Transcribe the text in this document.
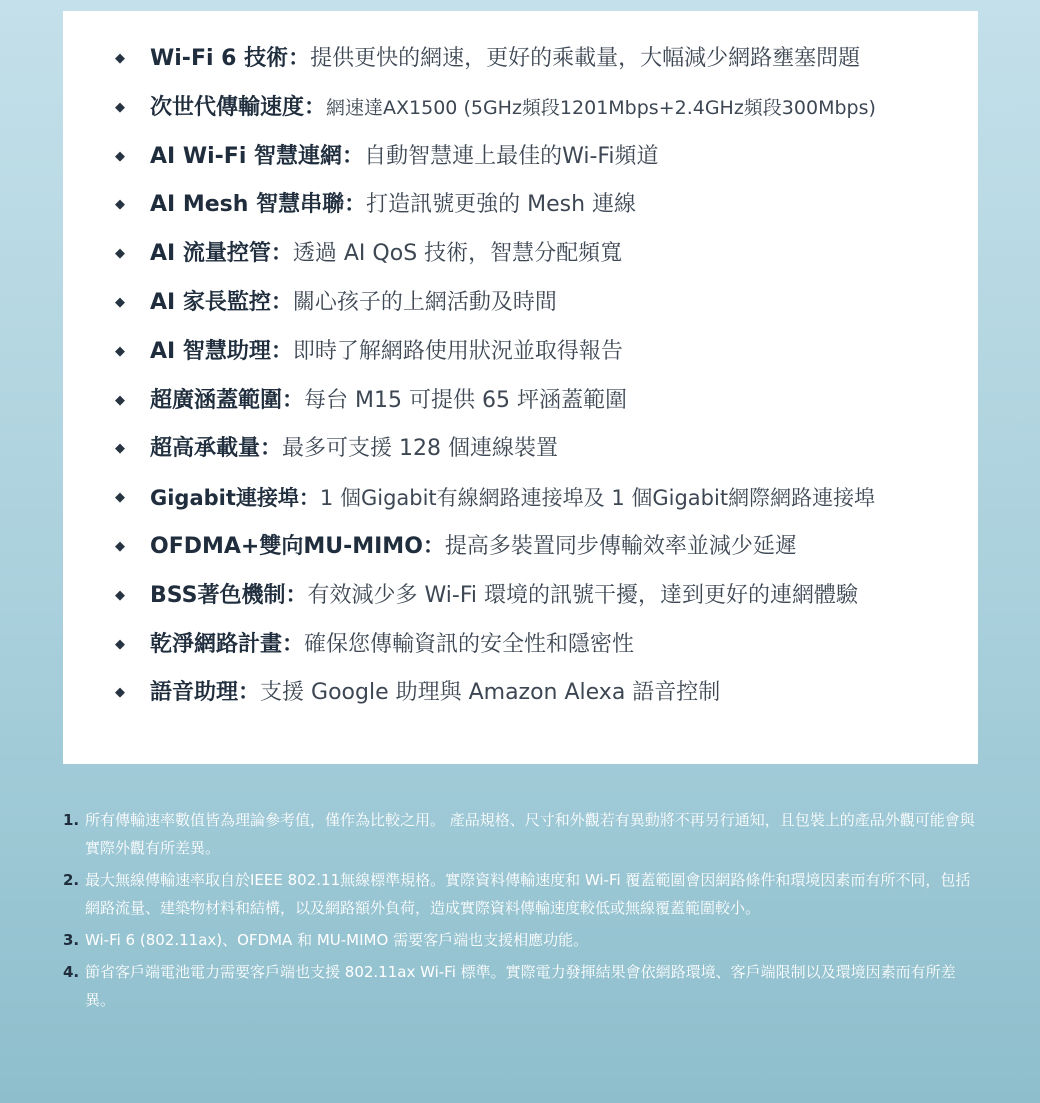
◆ Wi-Fi 6 技術：提供更快的網速，更好的乘載量，大幅減少網路壅塞問題
◆ 次世代傳輸速度：網速達AX1500 (5GHz頻段1201Mbps+2.4GHz頻段300Mbps)
◆ AI Wi-Fi 智慧連網：自動智慧連上最佳的Wi-Fi頻道
◆ AI Mesh 智慧串聯：打造訊號更強的 Mesh 連線
◆ AI 流量控管：透過 AI QoS 技術，智慧分配頻寬
◆ AI 家長監控：關心孩子的上網活動及時間
◆ AI 智慧助理：即時了解網路使用狀況並取得報告
◆ 超廣涵蓋範圍：每台 M15 可提供 65 坪涵蓋範圍
◆ 超高承載量：最多可支援 128 個連線裝置
◆ Gigabit連接埠：1 個Gigabit有線網路連接埠及 1 個Gigabit網際網路連接埠
◆ OFDMA+雙向MU-MIMO：提高多裝置同步傳輸效率並減少延遲
◆ BSS著色機制：有效減少多 Wi-Fi 環境的訊號干擾，達到更好的連網體驗
◆ 乾淨網路計畫：確保您傳輸資訊的安全性和隱密性
◆ 語音助理：支援 Google 助理與 Amazon Alexa 語音控制
1. 所有傳輸速率數值皆為理論參考值，僅作為比較之用。 產品規格、尺寸和外觀若有異動將不再另行通知，且包裝上的產品外觀可能會與實際外觀有所差異。
2. 最大無線傳輸速率取自於IEEE 802.11無線標準規格。實際資料傳輸速度和 Wi-Fi 覆蓋範圍會因網路條件和環境因素而有所不同，包括網路流量、建築物材料和結構，以及網路額外負荷，造成實際資料傳輸速度較低或無線覆蓋範圍較小。
3. Wi-Fi 6 (802.11ax)、OFDMA 和 MU-MIMO 需要客戶端也支援相應功能。
4. 節省客戶端電池電力需要客戶端也支援 802.11ax Wi-Fi 標準。實際電力發揮結果會依網路環境、客戶端限制以及環境因素而有所差異。
